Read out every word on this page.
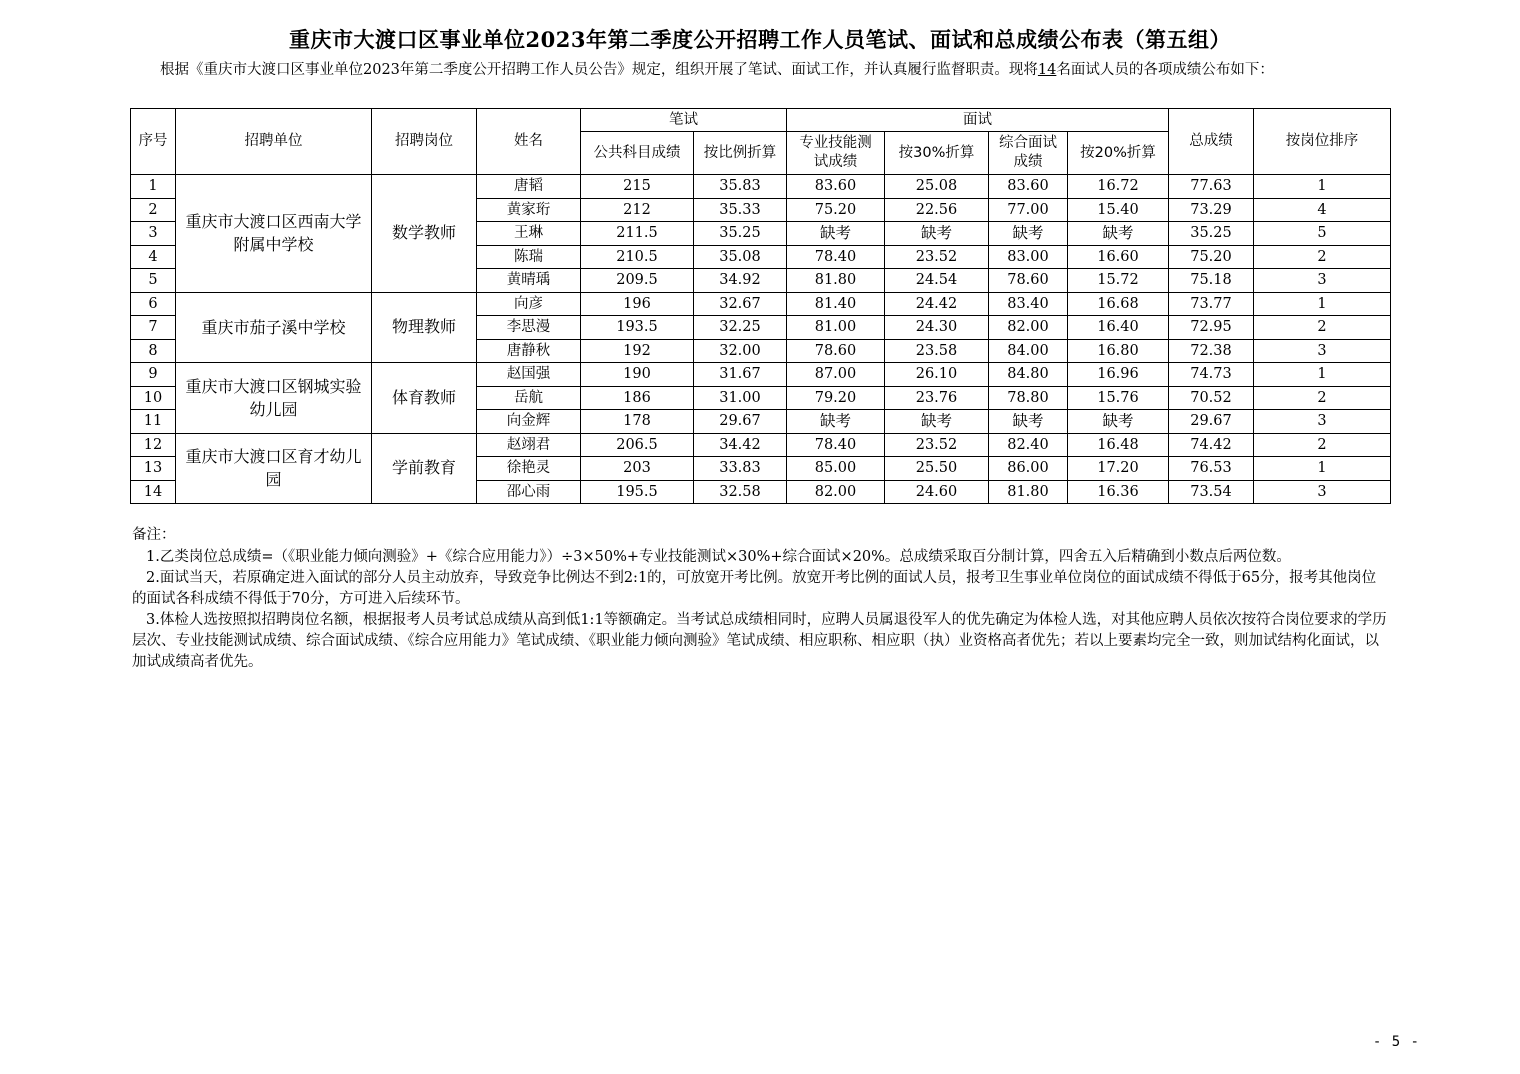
重庆市大渡口区事业单位2023年第二季度公开招聘工作人员笔试、面试和总成绩公布表（第五组）
根据《重庆市大渡口区事业单位2023年第二季度公开招聘工作人员公告》规定，组织开展了笔试、面试工作，并认真履行监督职责。现将14名面试人员的各项成绩公布如下：
序号	招聘单位	招聘岗位	姓名	笔试		面试				总成绩	按岗位排序
				公共科目成绩	按比例折算	专业技能测试成绩	按30%折算	综合面试成绩	按20%折算		
1	重庆市大渡口区西南大学附属中学校	数学教师	唐韬	215	35.83	83.60	25.08	83.60	16.72	77.63	1
2			黄家珩	212	35.33	75.20	22.56	77.00	15.40	73.29	4
3			王琳	211.5	35.25	缺考	缺考	缺考	缺考	35.25	5
4			陈瑞	210.5	35.08	78.40	23.52	83.00	16.60	75.20	2
5			黄晴瑀	209.5	34.92	81.80	24.54	78.60	15.72	75.18	3
6	重庆市茄子溪中学校	物理教师	向彦	196	32.67	81.40	24.42	83.40	16.68	73.77	1
7			李思漫	193.5	32.25	81.00	24.30	82.00	16.40	72.95	2
8			唐静秋	192	32.00	78.60	23.58	84.00	16.80	72.38	3
9	重庆市大渡口区钢城实验幼儿园	体育教师	赵国强	190	31.67	87.00	26.10	84.80	16.96	74.73	1
10			岳航	186	31.00	79.20	23.76	78.80	15.76	70.52	2
11			向金辉	178	29.67	缺考	缺考	缺考	缺考	29.67	3
12	重庆市大渡口区育才幼儿园	学前教育	赵翊君	206.5	34.42	78.40	23.52	82.40	16.48	74.42	2
13			徐艳灵	203	33.83	85.00	25.50	86.00	17.20	76.53	1
14			邵心雨	195.5	32.58	82.00	24.60	81.80	16.36	73.54	3

备注：

1.乙类岗位总成绩=（《职业能力倾向测验》+《综合应用能力》）÷3×50%+专业技能测试×30%+综合面试×20%。总成绩采取百分制计算，四舍五入后精确到小数点后两位数。

2.面试当天，若原确定进入面试的部分人员主动放弃，导致竞争比例达不到2:1的，可放宽开考比例。放宽开考比例的面试人员，报考卫生事业单位岗位的面试成绩不得低于65分，报考其他岗位的面试各科成绩不得低于70分，方可进入后续环节。

3.体检人选按照拟招聘岗位名额，根据报考人员考试总成绩从高到低1:1等额确定。当考试总成绩相同时，应聘人员属退役军人的优先确定为体检人选，对其他应聘人员依次按符合岗位要求的学历层次、专业技能测试成绩、综合面试成绩、《综合应用能力》笔试成绩、《职业能力倾向测验》笔试成绩、相应职称、相应职（执）业资格高者优先；若以上要素均完全一致，则加试结构化面试，以加试成绩高者优先。

- 5 -
